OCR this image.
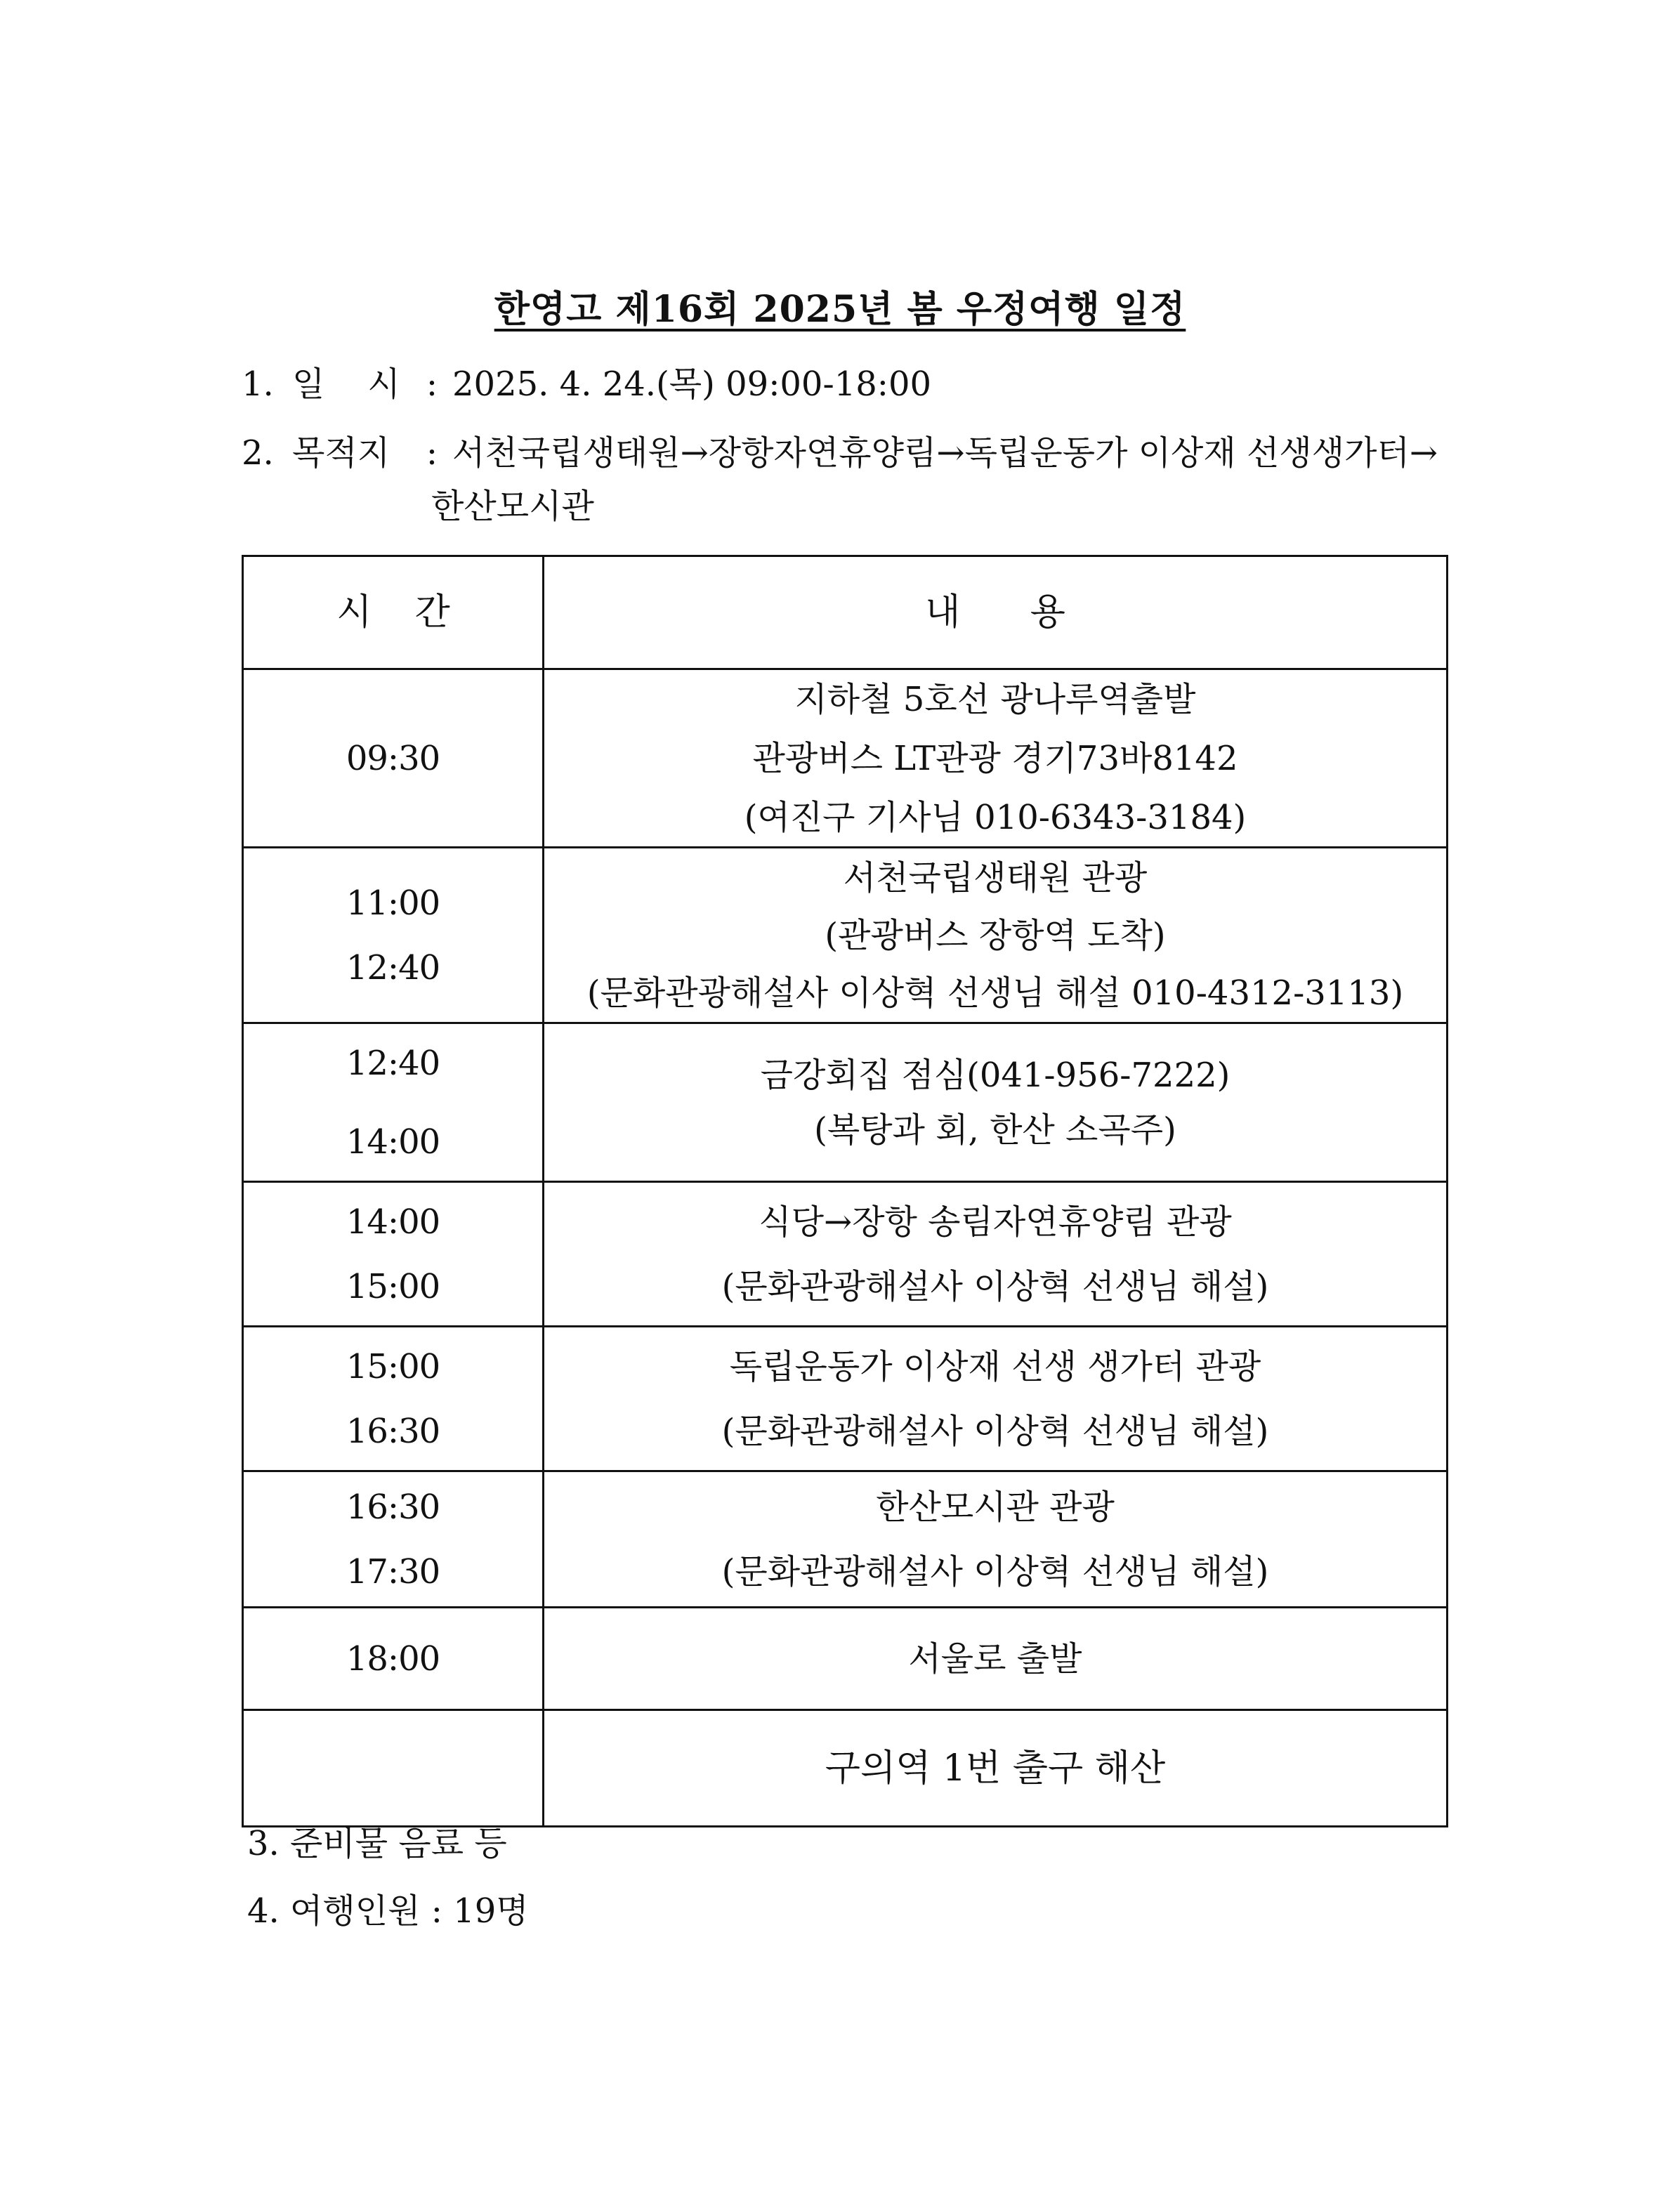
한영고 제16회 2025년 봄 우정여행 일정
1. 일    시 : 2025. 4. 24.(목) 09:00-18:00
2. 목적지 : 서천국립생태원→장항자연휴양림→독립운동가 이상재 선생생가터→
한산모시관
시    간	내      용
09:30
지하철 5호선 광나루역출발
관광버스 LT관광 경기73바8142
(여진구 기사님 010-6343-3184)
11:00
12:40
서천국립생태원 관광
(관광버스 장항역 도착)
(문화관광해설사 이상혁 선생님 해설 010-4312-3113)
12:40
14:00
금강회집 점심(041-956-7222)
(복탕과 회, 한산 소곡주)
14:00
15:00
식당→장항 송림자연휴양림 관광
(문화관광해설사 이상혁 선생님 해설)
15:00
16:30
독립운동가 이상재 선생 생가터 관광
(문화관광해설사 이상혁 선생님 해설)
16:30
17:30
한산모시관 관광
(문화관광해설사 이상혁 선생님 해설)
18:00	서울로 출발
구의역 1번 출구 해산
3. 준비물 음료 등
4. 여행인원 : 19명
